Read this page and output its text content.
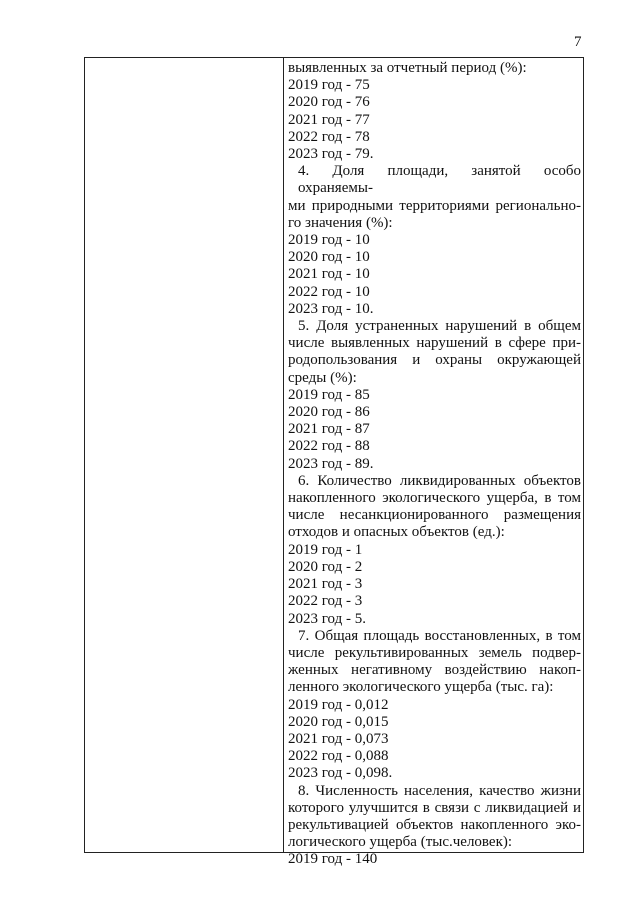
7
выявленных за отчетный период (%):
2019 год - 75
2020 год - 76
2021 год - 77
2022 год - 78
2023 год - 79.
4. Доля площади, занятой особо охраняемы-
ми природными территориями регионально-
го значения (%):
2019 год - 10
2020 год - 10
2021 год - 10
2022 год - 10
2023 год - 10.
5. Доля устраненных нарушений в общем
числе выявленных нарушений в сфере при-
родопользования и охраны окружающей
среды (%):
2019 год - 85
2020 год - 86
2021 год - 87
2022 год - 88
2023 год - 89.
6. Количество ликвидированных объектов
накопленного экологического ущерба, в том
числе несанкционированного размещения
отходов и опасных объектов (ед.):
2019 год - 1
2020 год - 2
2021 год - 3
2022 год - 3
2023 год - 5.
7. Общая площадь восстановленных, в том
числе рекультивированных земель подвер-
женных негативному воздействию накоп-
ленного экологического ущерба (тыс. га):
2019 год - 0,012
2020 год - 0,015
2021 год - 0,073
2022 год - 0,088
2023 год - 0,098.
8. Численность населения, качество жизни
которого улучшится в связи с ликвидацией и
рекультивацией объектов накопленного эко-
логического ущерба (тыс.человек):
2019 год - 140
